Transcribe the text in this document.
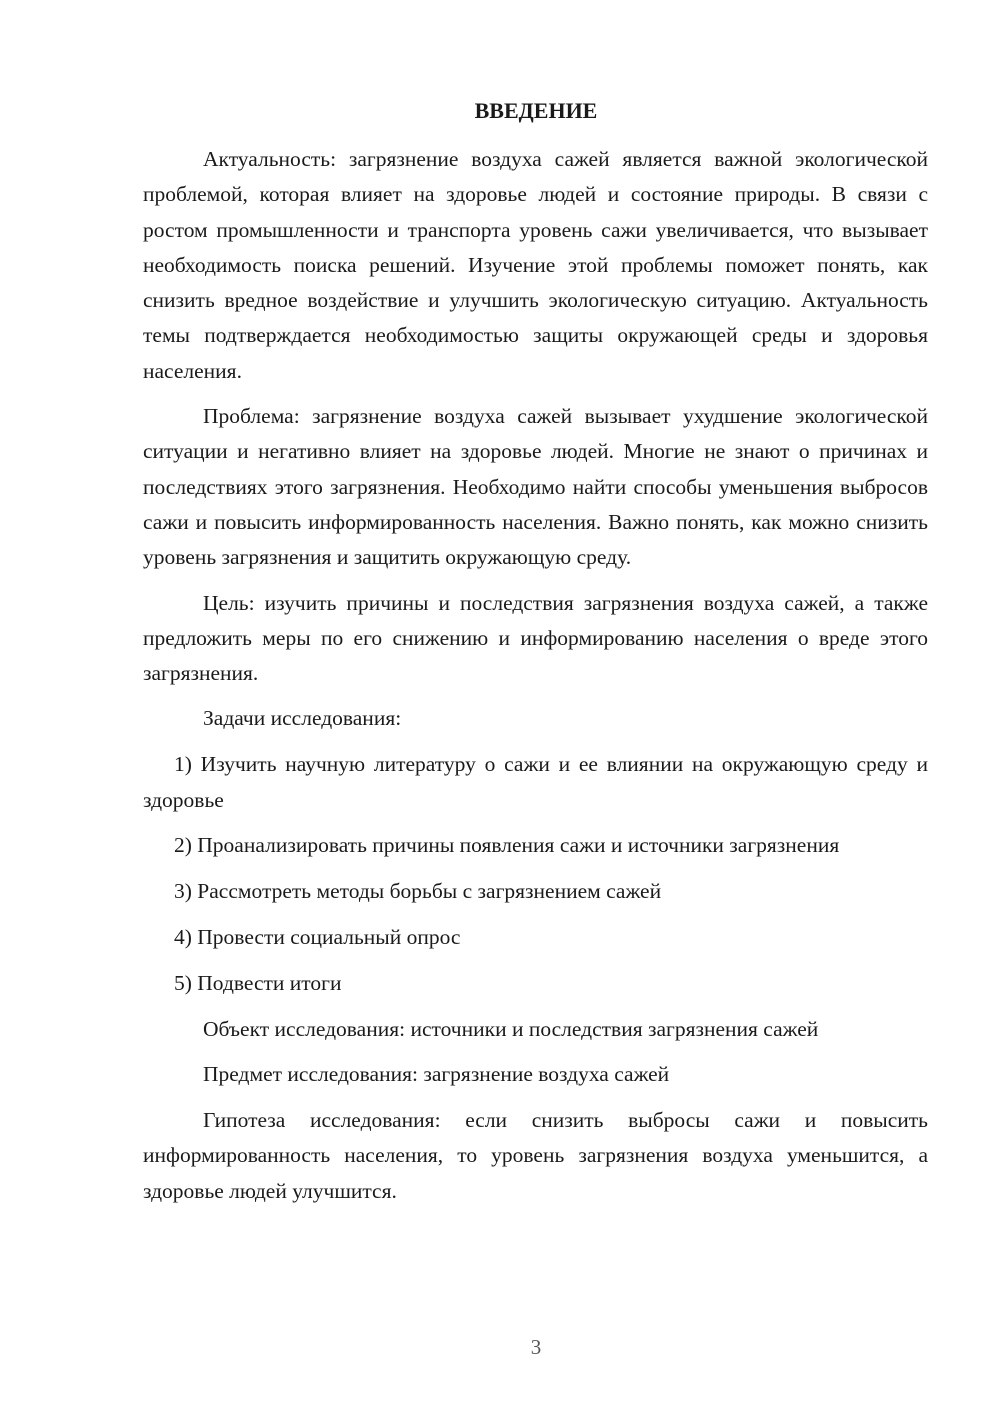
ВВЕДЕНИЕ

Актуальность: загрязнение воздуха сажей является важной экологической проблемой, которая влияет на здоровье людей и состояние природы. В связи с ростом промышленности и транспорта уровень сажи увеличивается, что вызывает необходимость поиска решений. Изучение этой проблемы поможет понять, как снизить вредное воздействие и улучшить экологическую ситуацию. Актуальность темы подтверждается необходимостью защиты окружающей среды и здоровья населения.

Проблема: загрязнение воздуха сажей вызывает ухудшение экологической ситуации и негативно влияет на здоровье людей. Многие не знают о причинах и последствиях этого загрязнения. Необходимо найти способы уменьшения выбросов сажи и повысить информированность населения. Важно понять, как можно снизить уровень загрязнения и защитить окружающую среду.

Цель: изучить причины и последствия загрязнения воздуха сажей, а также предложить меры по его снижению и информированию населения о вреде этого загрязнения.

Задачи исследования:

1) Изучить научную литературу о сажи и ее влиянии на окружающую среду и здоровье

2) Проанализировать причины появления сажи и источники загрязнения

3) Рассмотреть методы борьбы с загрязнением сажей

4) Провести социальный опрос

5) Подвести итоги

Объект исследования: источники и последствия загрязнения сажей

Предмет исследования: загрязнение воздуха сажей

Гипотеза исследования: если снизить выбросы сажи и повысить информированность населения, то уровень загрязнения воздуха уменьшится, а здоровье людей улучшится.

3
